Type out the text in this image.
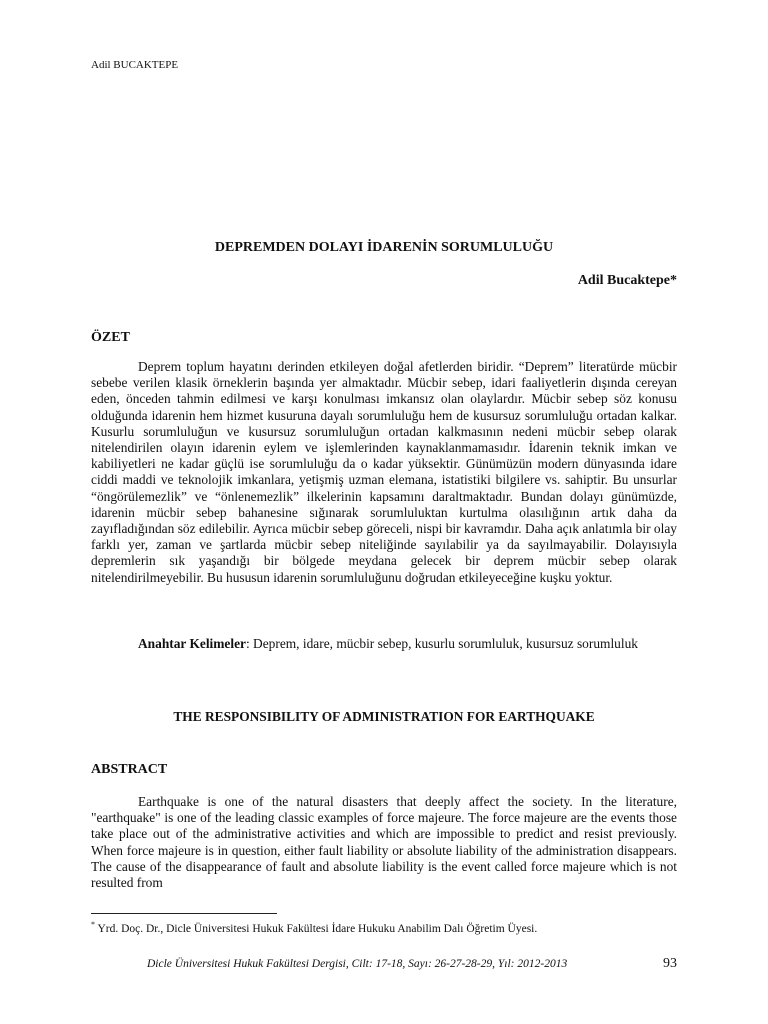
Adil BUCAKTEPE
DEPREMDEN DOLAYI İDARENİN SORUMLULUĞU
Adil Bucaktepe*
ÖZET

Deprem toplum hayatını derinden etkileyen doğal afetlerden biridir. “Deprem” literatürde mücbir sebebe verilen klasik örneklerin başında yer almaktadır. Mücbir sebep, idari faaliyetlerin dışında cereyan eden, önceden tahmin edilmesi ve karşı konulması imkansız olan olaylardır. Mücbir sebep söz konusu olduğunda idarenin hem hizmet kusuruna dayalı sorumluluğu hem de kusursuz sorumluluğu ortadan kalkar. Kusurlu sorumluluğun ve kusursuz sorumluluğun ortadan kalkmasının nedeni mücbir sebep olarak nitelendirilen olayın idarenin eylem ve işlemlerinden kaynaklanmamasıdır. İdarenin teknik imkan ve kabiliyetleri ne kadar güçlü ise sorumluluğu da o kadar yüksektir. Günümüzün modern dünyasında idare ciddi maddi ve teknolojik imkanlara, yetişmiş uzman elemana, istatistiki bilgilere vs. sahiptir. Bu unsurlar “öngörülemezlik” ve “önlenemezlik” ilkelerinin kapsamını daraltmaktadır. Bundan dolayı günümüzde, idarenin mücbir sebep bahanesine sığınarak sorumluluktan kurtulma olasılığının artık daha da zayıfladığından söz edilebilir. Ayrıca mücbir sebep göreceli, nispi bir kavramdır. Daha açık anlatımla bir olay farklı yer, zaman ve şartlarda mücbir sebep niteliğinde sayılabilir ya da sayılmayabilir. Dolayısıyla depremlerin sık yaşandığı bir bölgede meydana gelecek bir deprem mücbir sebep olarak nitelendirilmeyebilir. Bu hususun idarenin sorumluluğunu doğrudan etkileyeceğine kuşku yoktur.

Anahtar Kelimeler: Deprem, idare, mücbir sebep, kusurlu sorumluluk, kusursuz sorumluluk

THE RESPONSIBILITY OF ADMINISTRATION FOR EARTHQUAKE
ABSTRACT

Earthquake is one of the natural disasters that deeply affect the society. In the literature, "earthquake" is one of the leading classic examples of force majeure. The force majeure are the events those take place out of the administrative activities and which are impossible to predict and resist previously. When force majeure is in question, either fault liability or absolute liability of the administration disappears. The cause of the disappearance of fault and absolute liability is the event called force majeure which is not resulted from

* Yrd. Doç. Dr., Dicle Üniversitesi Hukuk Fakültesi İdare Hukuku Anabilim Dalı Öğretim Üyesi.
Dicle Üniversitesi Hukuk Fakültesi Dergisi, Cilt: 17-18, Sayı: 26-27-28-29, Yıl: 2012-2013	93
